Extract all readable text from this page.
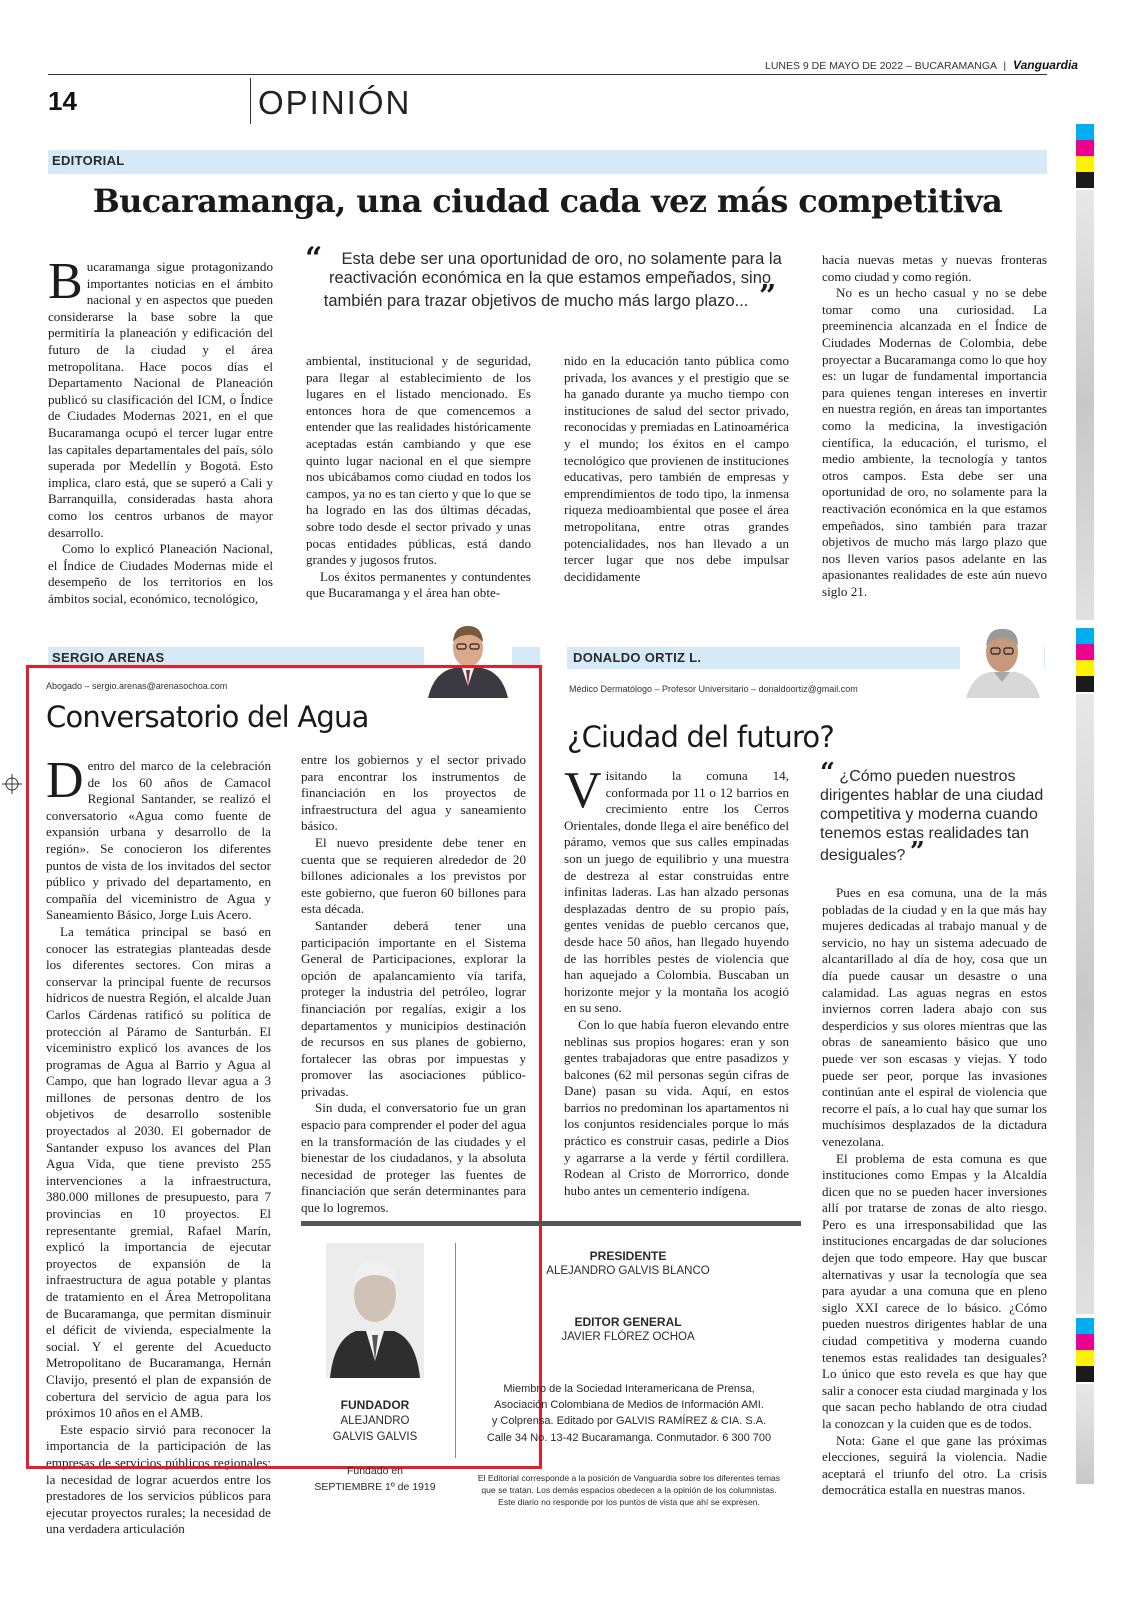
LUNES 9 DE MAYO DE 2022 – BUCARAMANGA | Vanguardia
14	OPINIÓN
EDITORIAL
Bucaramanga, una ciudad cada vez más competitiva

Bucaramanga sigue protagonizando importantes noticias en el ámbito nacional y en aspectos que pueden considerarse la base sobre la que permitiría la planeación y edificación del futuro de la ciudad y el área metropolitana. Hace pocos días el Departamento Nacional de Planeación publicó su clasificación del ICM, o Índice de Ciudades Modernas 2021, en el que Bucaramanga ocupó el tercer lugar entre las capitales departamentales del país, sólo superada por Medellín y Bogotá. Esto implica, claro está, que se superó a Cali y Barranquilla, consideradas hasta ahora como los centros urbanos de mayor desarrollo.

Como lo explicó Planeación Nacional, el Índice de Ciudades Modernas mide el desempeño de los territorios en los ámbitos social, económico, tecnológico,

“ Esta debe ser una oportunidad de oro, no solamente para la reactivación económica en la que estamos empeñados, sino también para trazar objetivos de mucho más largo plazo... ”

ambiental, institucional y de seguridad, para llegar al establecimiento de los lugares en el listado mencionado. Es entonces hora de que comencemos a entender que las realidades históricamente aceptadas están cambiando y que ese quinto lugar nacional en el que siempre nos ubicábamos como ciudad en todos los campos, ya no es tan cierto y que lo que se ha logrado en las dos últimas décadas, sobre todo desde el sector privado y unas pocas entidades públicas, está dando grandes y jugosos frutos.

Los éxitos permanentes y contundentes que Bucaramanga y el área han obte-

nido en la educación tanto pública como privada, los avances y el prestigio que se ha ganado durante ya mucho tiempo con instituciones de salud del sector privado, reconocidas y premiadas en Latinoamérica y el mundo; los éxitos en el campo tecnológico que provienen de instituciones educativas, pero también de empresas y emprendimientos de todo tipo, la inmensa riqueza medioambiental que posee el área metropolitana, entre otras grandes potencialidades, nos han llevado a un tercer lugar que nos debe impulsar decididamente

hacia nuevas metas y nuevas fronteras como ciudad y como región.

No es un hecho casual y no se debe tomar como una curiosidad. La preeminencia alcanzada en el Índice de Ciudades Modernas de Colombia, debe proyectar a Bucaramanga como lo que hoy es: un lugar de fundamental importancia para quienes tengan intereses en invertir en nuestra región, en áreas tan importantes como la medicina, la investigación científica, la educación, el turismo, el medio ambiente, la tecnología y tantos otros campos. Esta debe ser una oportunidad de oro, no solamente para la reactivación económica en la que estamos empeñados, sino también para trazar objetivos de mucho más largo plazo que nos lleven varios pasos adelante en las apasionantes realidades de este aún nuevo siglo 21.

SERGIO ARENAS
Abogado – sergio.arenas@arenasochoa.com
Conversatorio del Agua

Dentro del marco de la celebración de los 60 años de Camacol Regional Santander, se realizó el conversatorio «Agua como fuente de expansión urbana y desarrollo de la región». Se conocieron los diferentes puntos de vista de los invitados del sector público y privado del departamento, en compañía del viceministro de Agua y Saneamiento Básico, Jorge Luis Acero.

La temática principal se basó en conocer las estrategias planteadas desde los diferentes sectores. Con miras a conservar la principal fuente de recursos hídricos de nuestra Región, el alcalde Juan Carlos Cárdenas ratificó su política de protección al Páramo de Santurbán. El viceministro explicó los avances de los programas de Agua al Barrio y Agua al Campo, que han logrado llevar agua a 3 millones de personas dentro de los objetivos de desarrollo sostenible proyectados al 2030. El gobernador de Santander expuso los avances del Plan Agua Vida, que tiene previsto 255 intervenciones a la infraestructura, 380.000 millones de presupuesto, para 7 provincias en 10 proyectos. El representante gremial, Rafael Marín, explicó la importancia de ejecutar proyectos de expansión de la infraestructura de agua potable y plantas de tratamiento en el Área Metropolitana de Bucaramanga, que permitan disminuir el déficit de vivienda, especialmente la social. Y el gerente del Acueducto Metropolitano de Bucaramanga, Hernán Clavijo, presentó el plan de expansión de cobertura del servicio de agua para los próximos 10 años en el AMB.

Este espacio sirvió para reconocer la importancia de la participación de las empresas de servicios públicos regionales; la necesidad de lograr acuerdos entre los prestadores de los servicios públicos para ejecutar proyectos rurales; la necesidad de una verdadera articulación

entre los gobiernos y el sector privado para encontrar los instrumentos de financiación en los proyectos de infraestructura del agua y saneamiento básico.

El nuevo presidente debe tener en cuenta que se requieren alrededor de 20 billones adicionales a los previstos por este gobierno, que fueron 60 billones para esta década.

Santander deberá tener una participación importante en el Sistema General de Participaciones, explorar la opción de apalancamiento vía tarifa, proteger la industria del petróleo, lograr financiación por regalías, exigir a los departamentos y municipios destinación de recursos en sus planes de gobierno, fortalecer las obras por impuestas y promover las asociaciones público-privadas.

Sin duda, el conversatorio fue un gran espacio para comprender el poder del agua en la transformación de las ciudades y el bienestar de los ciudadanos, y la absoluta necesidad de proteger las fuentes de financiación que serán determinantes para que lo logremos.

DONALDO ORTIZ L.
Médico Dermatólogo – Profesor Universitario – donaldoortiz@gmail.com
¿Ciudad del futuro?

Visitando la comuna 14, conformada por 11 o 12 barrios en crecimiento entre los Cerros Orientales, donde llega el aire benéfico del páramo, vemos que sus calles empinadas son un juego de equilibrio y una muestra de destreza al estar construidas entre infinitas laderas. Las han alzado personas desplazadas dentro de su propio país, gentes venidas de pueblo cercanos que, desde hace 50 años, han llegado huyendo de las horribles pestes de violencia que han aquejado a Colombia. Buscaban un horizonte mejor y la montaña los acogió en su seno.

Con lo que había fueron elevando entre neblinas sus propios hogares: eran y son gentes trabajadoras que entre pasadizos y balcones (62 mil personas según cifras de Dane) pasan su vida. Aquí, en estos barrios no predominan los apartamentos ni los conjuntos residenciales porque lo más práctico es construir casas, pedirle a Dios y agarrarse a la verde y fértil cordillera. Rodean al Cristo de Morrorrico, donde hubo antes un cementerio indígena.

“ ¿Cómo pueden nuestros dirigentes hablar de una ciudad competitiva y moderna cuando tenemos estas realidades tan desiguales? ”

Pues en esa comuna, una de la más pobladas de la ciudad y en la que más hay mujeres dedicadas al trabajo manual y de servicio, no hay un sistema adecuado de alcantarillado al día de hoy, cosa que un día puede causar un desastre o una calamidad. Las aguas negras en estos inviernos corren ladera abajo con sus desperdicios y sus olores mientras que las obras de saneamiento básico que uno puede ver son escasas y viejas. Y todo puede ser peor, porque las invasiones continúan ante el espiral de violencia que recorre el país, a lo cual hay que sumar los muchísimos desplazados de la dictadura venezolana.

El problema de esta comuna es que instituciones como Empas y la Alcaldía dicen que no se pueden hacer inversiones allí por tratarse de zonas de alto riesgo. Pero es una irresponsabilidad que las instituciones encargadas de dar soluciones dejen que todo empeore. Hay que buscar alternativas y usar la tecnología que sea para ayudar a una comuna que en pleno siglo XXI carece de lo básico. ¿Cómo pueden nuestros dirigentes hablar de una ciudad competitiva y moderna cuando tenemos estas realidades tan desiguales? Lo único que esto revela es que hay que salir a conocer esta ciudad marginada y los que sacan pecho hablando de otra ciudad la conozcan y la cuiden que es de todos.

Nota: Gane el que gane las próximas elecciones, seguirá la violencia. Nadie aceptará el triunfo del otro. La crisis democrática estalla en nuestras manos.

FUNDADOR
ALEJANDRO
GALVIS GALVIS
Fundado en
SEPTIEMBRE 1º de 1919
PRESIDENTE
ALEJANDRO GALVIS BLANCO
EDITOR GENERAL
JAVIER FLÓREZ OCHOA
Miembro de la Sociedad Interamericana de Prensa,
Asociación Colombiana de Medios de Información AMI.
y Colprensa. Editado por GALVIS RAMÍREZ & CIA. S.A.
Calle 34 No. 13-42 Bucaramanga. Conmutador. 6 300 700
El Editorial corresponde a la posición de Vanguardia sobre los diferentes temas
que se tratan. Los demás espacios obedecen a la opinión de los columnistas.
Este diario no responde por los puntos de vista que ahí se expresen.
